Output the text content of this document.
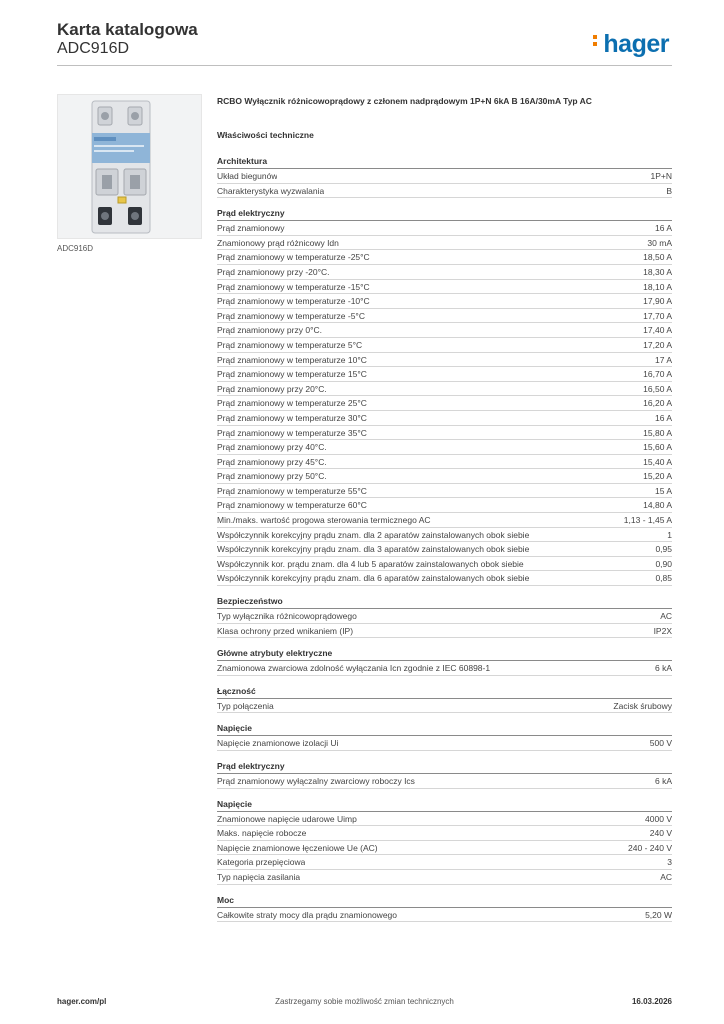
Karta katalogowa
ADC916D	hager
ADC916D
RCBO Wyłącznik różnicowoprądowy z członem nadprądowym 1P+N 6kA B 16A/30mA Typ AC
Właściwości techniczne
Architektura
Układ biegunów	1P+N
Charakterystyka wyzwalania	B
Prąd elektryczny
Prąd znamionowy	16 A
Znamionowy prąd różnicowy Idn	30 mA
Prąd znamionowy w temperaturze -25°C	18,50 A
Prąd znamionowy przy -20°C.	18,30 A
Prąd znamionowy w temperaturze -15°C	18,10 A
Prąd znamionowy w temperaturze -10°C	17,90 A
Prąd znamionowy w temperaturze -5°C	17,70 A
Prąd znamionowy przy 0°C.	17,40 A
Prąd znamionowy w temperaturze 5°C	17,20 A
Prąd znamionowy w temperaturze 10°C	17 A
Prąd znamionowy w temperaturze 15°C	16,70 A
Prąd znamionowy przy 20°C.	16,50 A
Prąd znamionowy w temperaturze 25°C	16,20 A
Prąd znamionowy w temperaturze 30°C	16 A
Prąd znamionowy w temperaturze 35°C	15,80 A
Prąd znamionowy przy 40°C.	15,60 A
Prąd znamionowy przy 45°C.	15,40 A
Prąd znamionowy przy 50°C.	15,20 A
Prąd znamionowy w temperaturze 55°C	15 A
Prąd znamionowy w temperaturze 60°C	14,80 A
Min./maks. wartość progowa sterowania termicznego AC	1,13 - 1,45 A
Współczynnik korekcyjny prądu znam. dla 2 aparatów zainstalowanych obok siebie	1
Współczynnik korekcyjny prądu znam. dla 3 aparatów zainstalowanych obok siebie	0,95
Współczynnik kor. prądu znam. dla 4 lub 5 aparatów zainstalowanych obok siebie	0,90
Współczynnik korekcyjny prądu znam. dla 6 aparatów zainstalowanych obok siebie	0,85
Bezpieczeństwo
Typ wyłącznika różnicowoprądowego	AC
Klasa ochrony przed wnikaniem (IP)	IP2X
Główne atrybuty elektryczne
Znamionowa zwarciowa zdolność wyłączania Icn zgodnie z IEC 60898-1	6 kA
Łączność
Typ połączenia	Zacisk śrubowy
Napięcie
Napięcie znamionowe izolacji Ui	500 V
Prąd elektryczny
Prąd znamionowy wyłączalny zwarciowy roboczy Ics	6 kA
Napięcie
Znamionowe napięcie udarowe Uimp	4000 V
Maks. napięcie robocze	240 V
Napięcie znamionowe łęczeniowe Ue (AC)	240 - 240 V
Kategoria przepięciowa	3
Typ napięcia zasilania	AC
Moc
Całkowite straty mocy dla prądu znamionowego	5,20 W
hager.com/pl	Zastrzegamy sobie możliwość zmian technicznych	16.03.2026
